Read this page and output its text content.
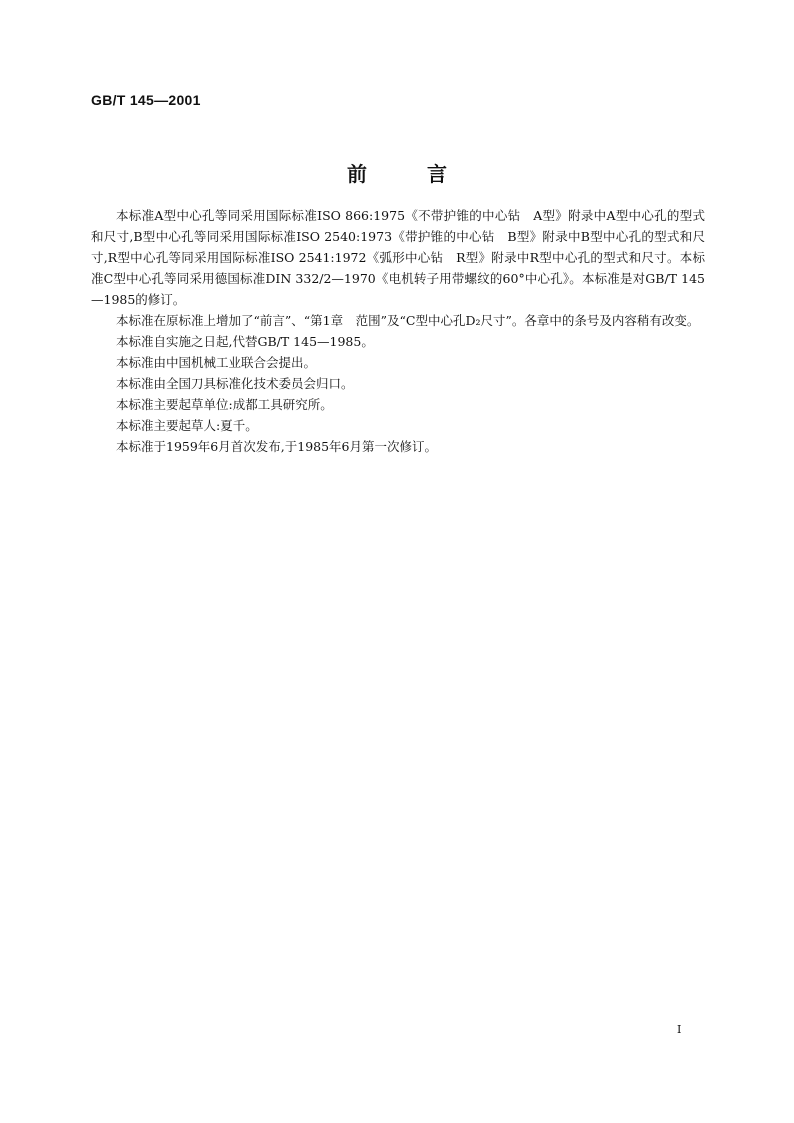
GB/T 145—2001
前	言

本标准A型中心孔等同采用国际标准ISO 866:1975《不带护锥的中心钻　A型》附录中A型中心孔的型式和尺寸,B型中心孔等同采用国际标准ISO 2540:1973《带护锥的中心钻　B型》附录中B型中心孔的型式和尺寸,R型中心孔等同采用国际标准ISO 2541:1972《弧形中心钻　R型》附录中R型中心孔的型式和尺寸。本标准C型中心孔等同采用德国标准DIN 332/2—1970《电机转子用带螺纹的60°中心孔》。本标准是对GB/T 145—1985的修订。

本标准在原标准上增加了“前言”、“第1章　范围”及“C型中心孔D₂尺寸”。各章中的条号及内容稍有改变。

本标准自实施之日起,代替GB/T 145—1985。

本标准由中国机械工业联合会提出。

本标准由全国刀具标准化技术委员会归口。

本标准主要起草单位:成都工具研究所。

本标准主要起草人:夏千。

本标准于1959年6月首次发布,于1985年6月第一次修订。

I
